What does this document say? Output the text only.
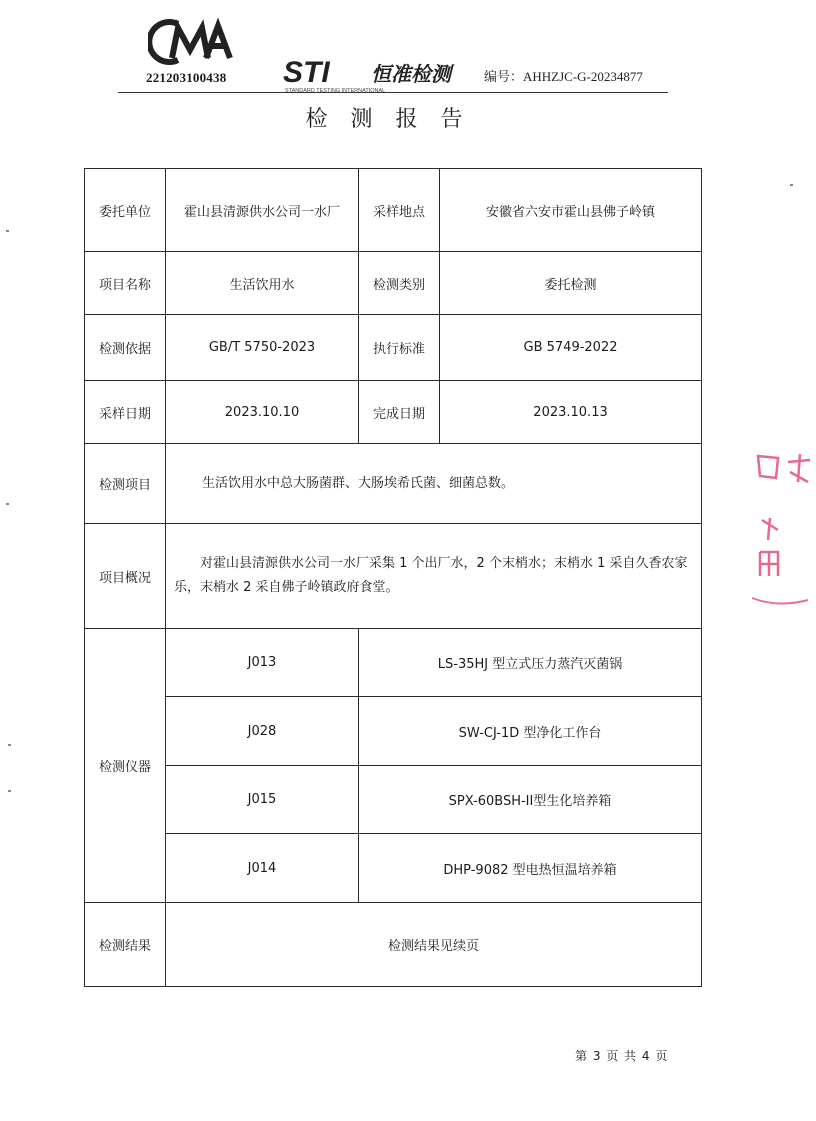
221203100438 STI 恒准检测
STANDARD TESTING INTERNATIONAL
编号：AHHZJC-G-20234877
检 测 报 告
委托单位	霍山县清源供水公司一水厂	采样地点	安徽省六安市霍山县佛子岭镇
项目名称	生活饮用水	检测类别	委托检测
检测依据	GB/T 5750-2023	执行标准	GB 5749-2022
采样日期	2023.10.10	完成日期	2023.10.13
检测项目	生活饮用水中总大肠菌群、大肠埃希氏菌、细菌总数。		
项目概况	对霍山县清源供水公司一水厂采集 1 个出厂水，2 个末梢水；末梢水 1 采自久香农家乐，末梢水 2 采自佛子岭镇政府食堂。		
检测仪器	J013	LS-35HJ 型立式压力蒸汽灭菌锅	
	J028	SW-CJ-1D 型净化工作台	
	J015	SPX-60BSH-II型生化培养箱	
	J014	DHP-9082 型电热恒温培养箱	
检测结果	检测结果见续页		
第 3 页 共 4 页
